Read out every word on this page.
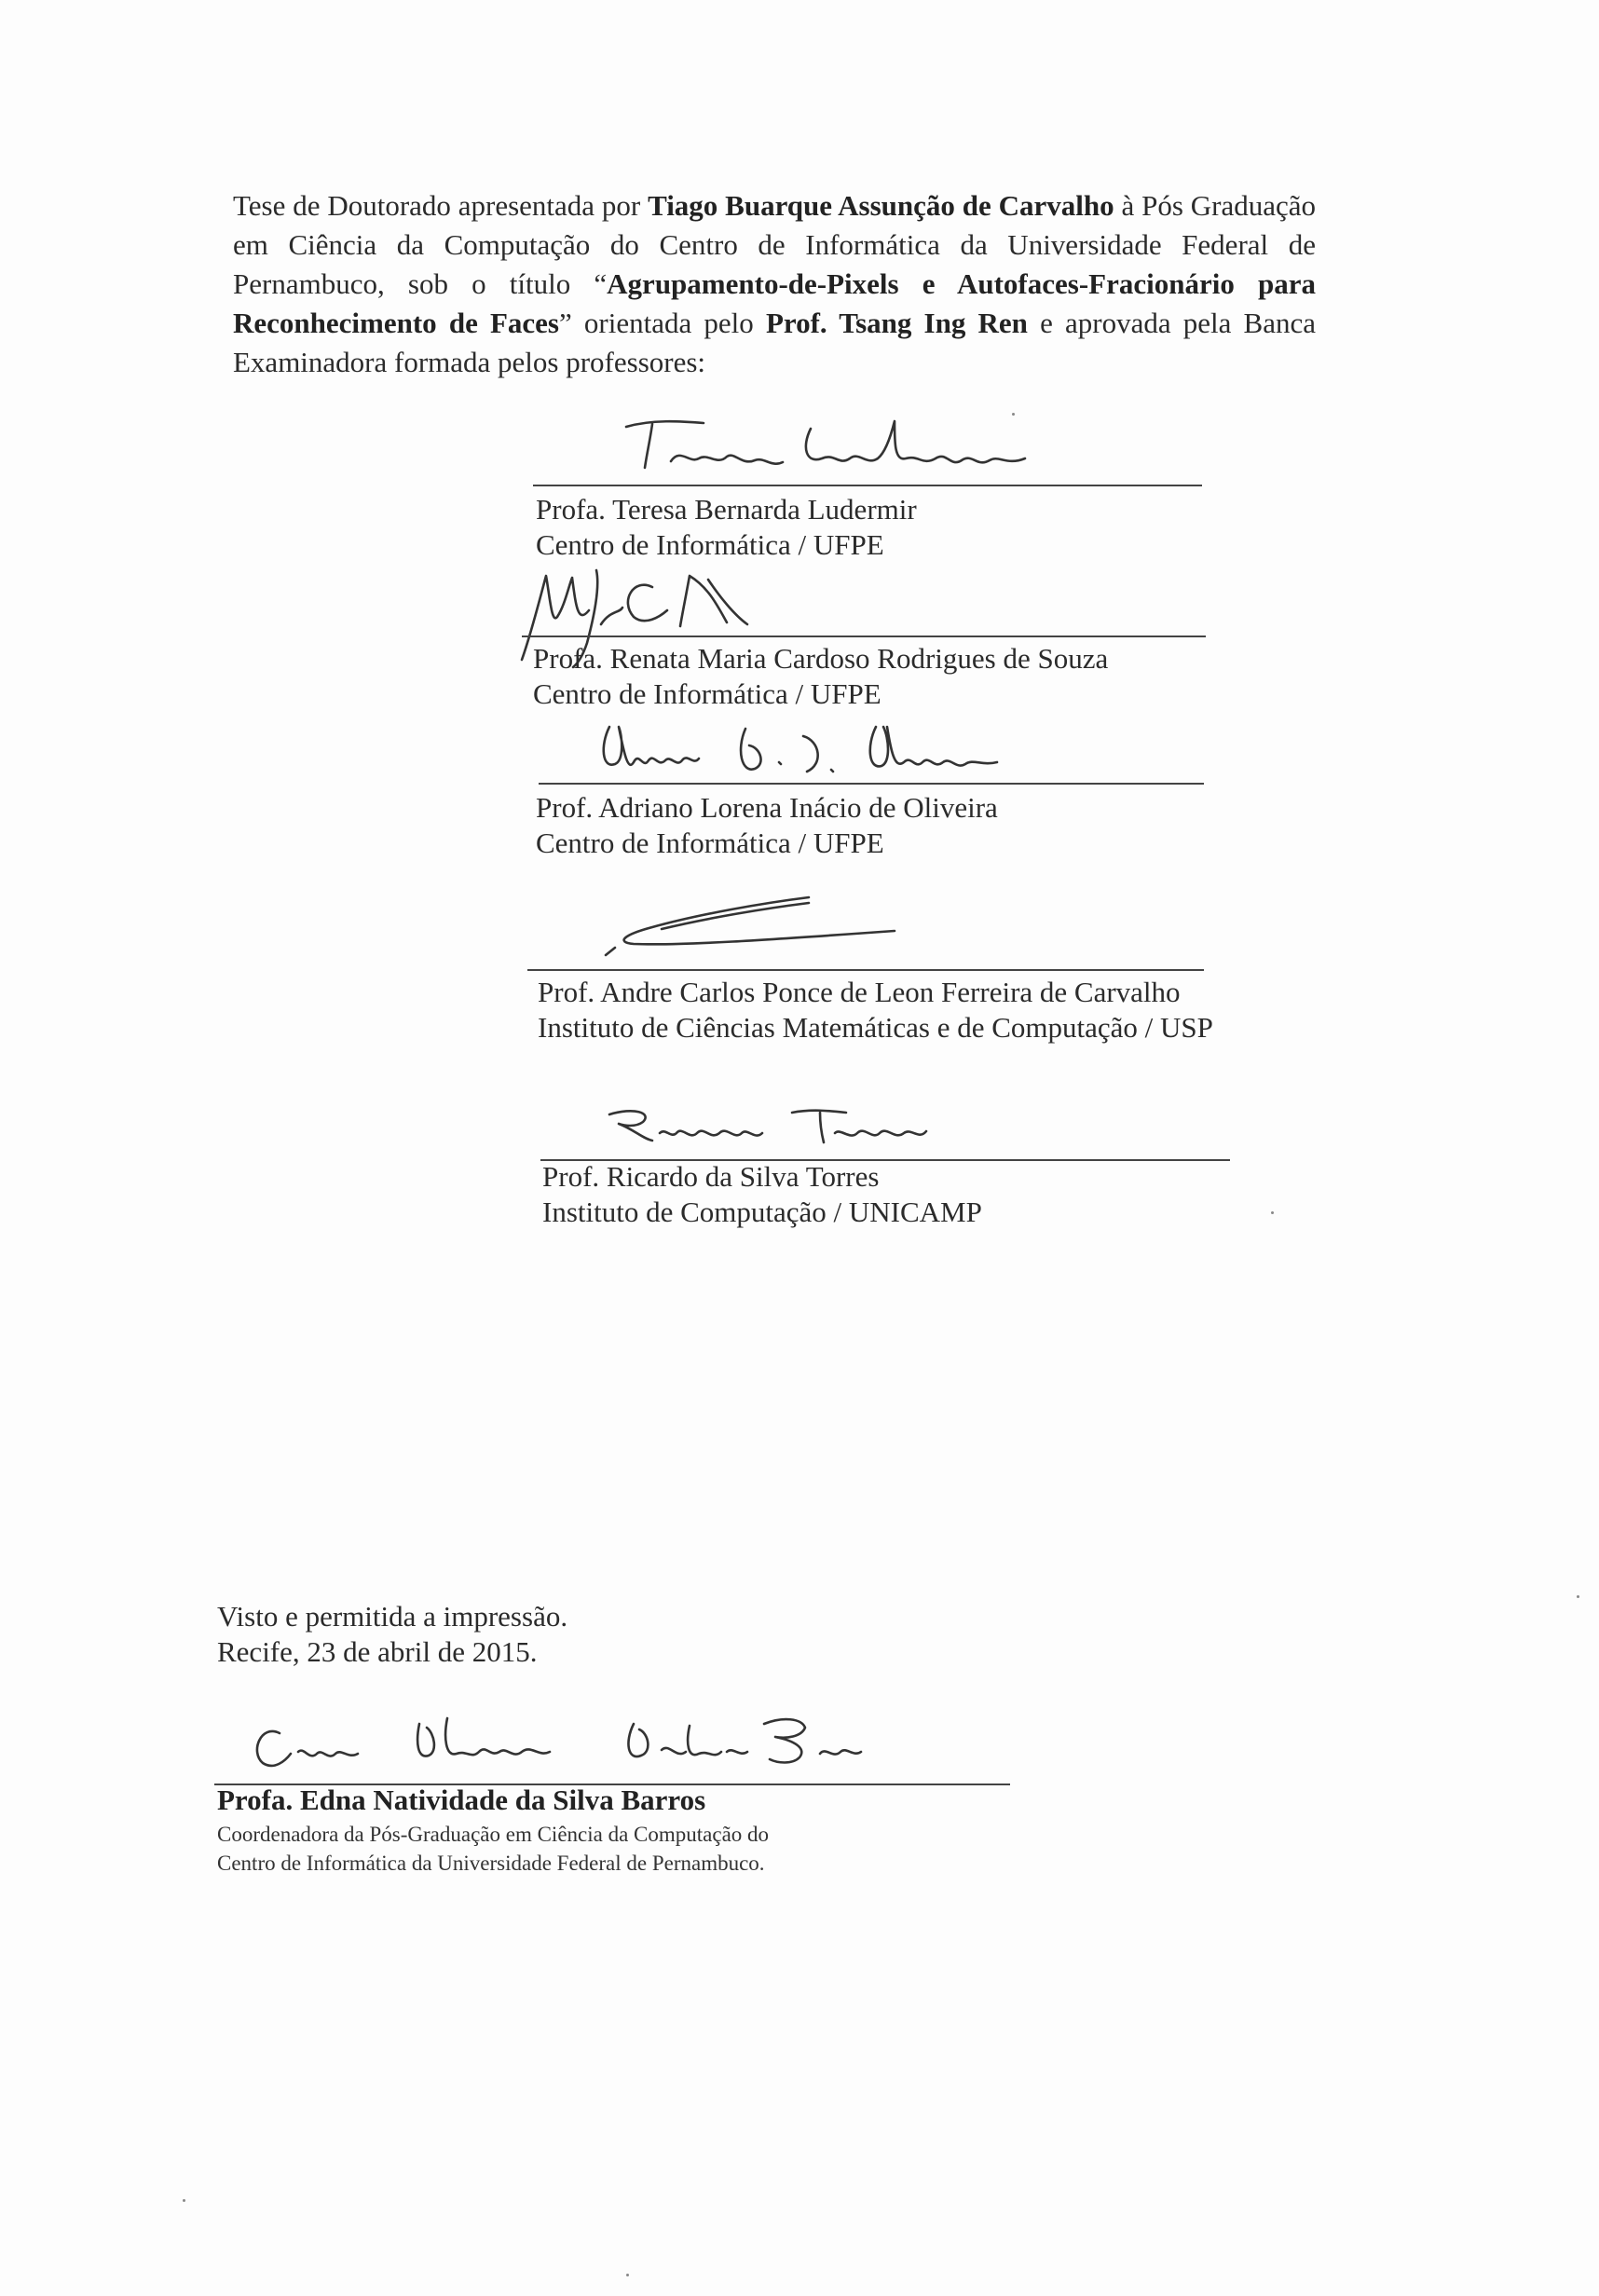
Tese de Doutorado apresentada por Tiago Buarque Assunção de Carvalho à Pós Graduação em Ciência da Computação do Centro de Informática da Universidade Federal de Pernambuco, sob o título “Agrupamento-de-Pixels e Autofaces-Fracionário para Reconhecimento de Faces” orientada pelo Prof. Tsang Ing Ren e aprovada pela Banca Examinadora formada pelos professores:
Profa. Teresa Bernarda Ludermir
Centro de Informática / UFPE
Profa. Renata Maria Cardoso Rodrigues de Souza
Centro de Informática / UFPE
Prof. Adriano Lorena Inácio de Oliveira
Centro de Informática / UFPE
Prof. Andre Carlos Ponce de Leon Ferreira de Carvalho
Instituto de Ciências Matemáticas e de Computação / USP
Prof. Ricardo da Silva Torres
Instituto de Computação / UNICAMP
Visto e permitida a impressão.
Recife, 23 de abril de 2015.
Profa. Edna Natividade da Silva Barros
Coordenadora da Pós-Graduação em Ciência da Computação do
Centro de Informática da Universidade Federal de Pernambuco.
